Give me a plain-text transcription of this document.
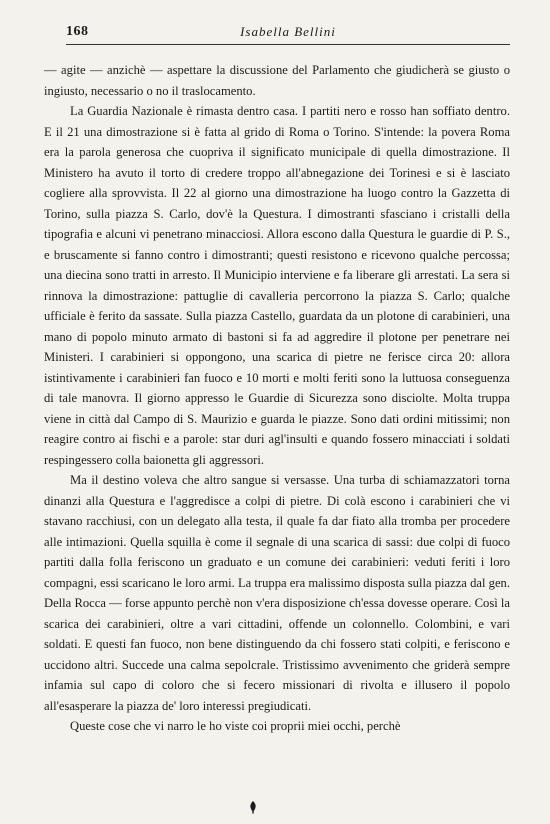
168	Isabella Bellini

— agite — anzichè — aspettare la discussione del Parlamento che giudicherà se giusto o ingiusto, necessario o no il traslocamento.

La Guardia Nazionale è rimasta dentro casa. I partiti nero e rosso han soffiato dentro. E il 21 una dimostrazione si è fatta al grido di Roma o Torino. S'intende: la povera Roma era la parola generosa che cuopriva il significato municipale di quella dimostrazione. Il Ministero ha avuto il torto di credere troppo all'abnegazione dei Torinesi e si è lasciato cogliere alla sprovvista. Il 22 al giorno una dimostrazione ha luogo contro la Gazzetta di Torino, sulla piazza S. Carlo, dov'è la Questura. I dimostranti sfasciano i cristalli della tipografia e alcuni vi penetrano minacciosi. Allora escono dalla Questura le guardie di P. S., e bruscamente si fanno contro i dimostranti; questi resistono e ricevono qualche percossa; una diecina sono tratti in arresto. Il Municipio interviene e fa liberare gli arrestati. La sera si rinnova la dimostrazione: pattuglie di cavalleria percorrono la piazza S. Carlo; qualche ufficiale è ferito da sassate. Sulla piazza Castello, guardata da un plotone di carabinieri, una mano di popolo minuto armato di bastoni si fa ad aggredire il plotone per penetrare nei Ministeri. I carabinieri si oppongono, una scarica di pietre ne ferisce circa 20: allora istintivamente i carabinieri fan fuoco e 10 morti e molti feriti sono la luttuosa conseguenza di tale manovra. Il giorno appresso le Guardie di Sicurezza sono disciolte. Molta truppa viene in città dal Campo di S. Maurizio e guarda le piazze. Sono dati ordini mitissimi; non reagire contro ai fischi e a parole: star duri agl'insulti e quando fossero minacciati i soldati respingessero colla baionetta gli aggressori.

Ma il destino voleva che altro sangue si versasse. Una turba di schiamazzatori torna dinanzi alla Questura e l'aggredisce a colpi di pietre. Di colà escono i carabinieri che vi stavano racchiusi, con un delegato alla testa, il quale fa dar fiato alla tromba per procedere alle intimazioni. Quella squilla è come il segnale di una scarica di sassi: due colpi di fuoco partiti dalla folla feriscono un graduato e un comune dei carabinieri: veduti feriti i loro compagni, essi scaricano le loro armi. La truppa era malissimo disposta sulla piazza dal gen. Della Rocca — forse appunto perchè non v'era disposizione ch'essa dovesse operare. Così la scarica dei carabinieri, oltre a vari cittadini, offende un colonnello. Colombini, e vari soldati. E questi fan fuoco, non bene distinguendo da chi fossero stati colpiti, e feriscono e uccidono altri. Succede una calma sepolcrale. Tristissimo avvenimento che griderà sempre infamia sul capo di coloro che si fecero missionari di rivolta e illusero il popolo all'esasperare la piazza de' loro interessi pregiudicati.

Queste cose che vi narro le ho viste coi proprii miei occhi, perchè
